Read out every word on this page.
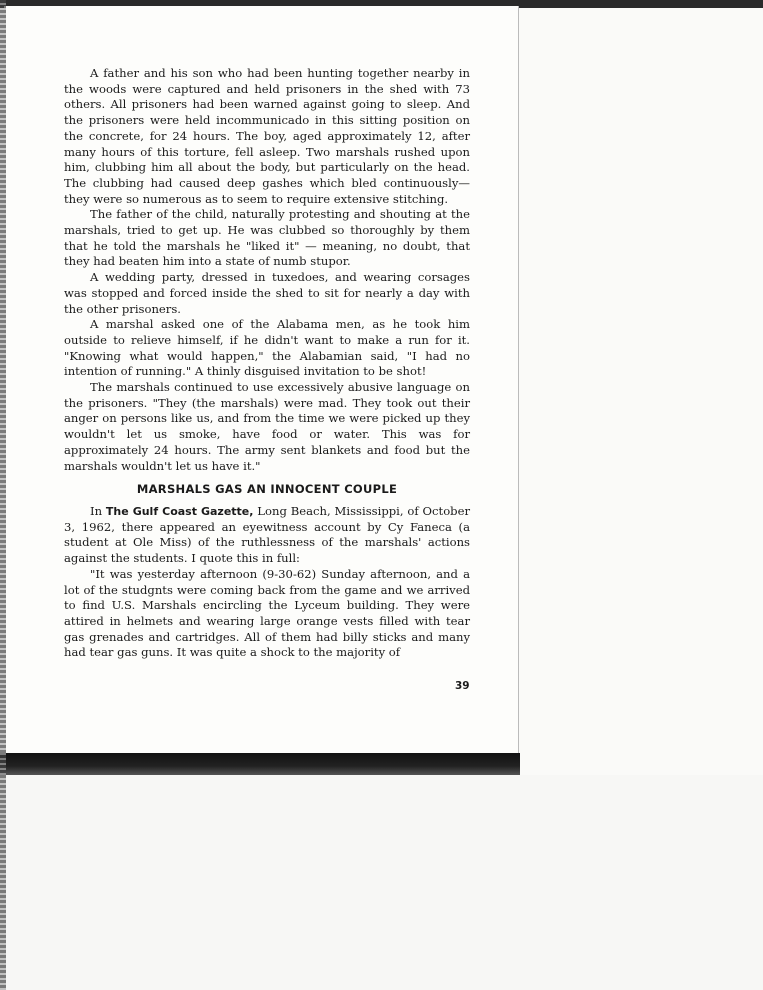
A father and his son who had been hunting together nearby in the woods were captured and held prisoners in the shed with 73 others. All prisoners had been warned against going to sleep. And the prisoners were held incommunicado in this sitting position on the concrete, for 24 hours. The boy, aged approximately 12, after many hours of this torture, fell asleep. Two marshals rushed upon him, clubbing him all about the body, but particularly on the head. The clubbing had caused deep gashes which bled continuously—they were so numerous as to seem to require extensive stitching.

The father of the child, naturally protesting and shouting at the marshals, tried to get up. He was clubbed so thoroughly by them that he told the marshals he "liked it" — meaning, no doubt, that they had beaten him into a state of numb stupor.

A wedding party, dressed in tuxedoes, and wearing corsages was stopped and forced inside the shed to sit for nearly a day with the other prisoners.

A marshal asked one of the Alabama men, as he took him outside to relieve himself, if he didn't want to make a run for it. "Knowing what would happen," the Alabamian said, "I had no intention of running." A thinly disguised invitation to be shot!

The marshals continued to use excessively abusive language on the prisoners. "They (the marshals) were mad. They took out their anger on persons like us, and from the time we were picked up they wouldn't let us smoke, have food or water. This was for approximately 24 hours. The army sent blankets and food but the marshals wouldn't let us have it."

MARSHALS GAS AN INNOCENT COUPLE

In The Gulf Coast Gazette, Long Beach, Mississippi, of October 3, 1962, there appeared an eyewitness account by Cy Faneca (a student at Ole Miss) of the ruthlessness of the marshals' actions against the students. I quote this in full:

"It was yesterday afternoon (9-30-62) Sunday afternoon, and a lot of the studgnts were coming back from the game and we arrived to find U.S. Marshals encircling the Lyceum building. They were attired in helmets and wearing large orange vests filled with tear gas grenades and cartridges. All of them had billy sticks and many had tear gas guns. It was quite a shock to the majority of

39
